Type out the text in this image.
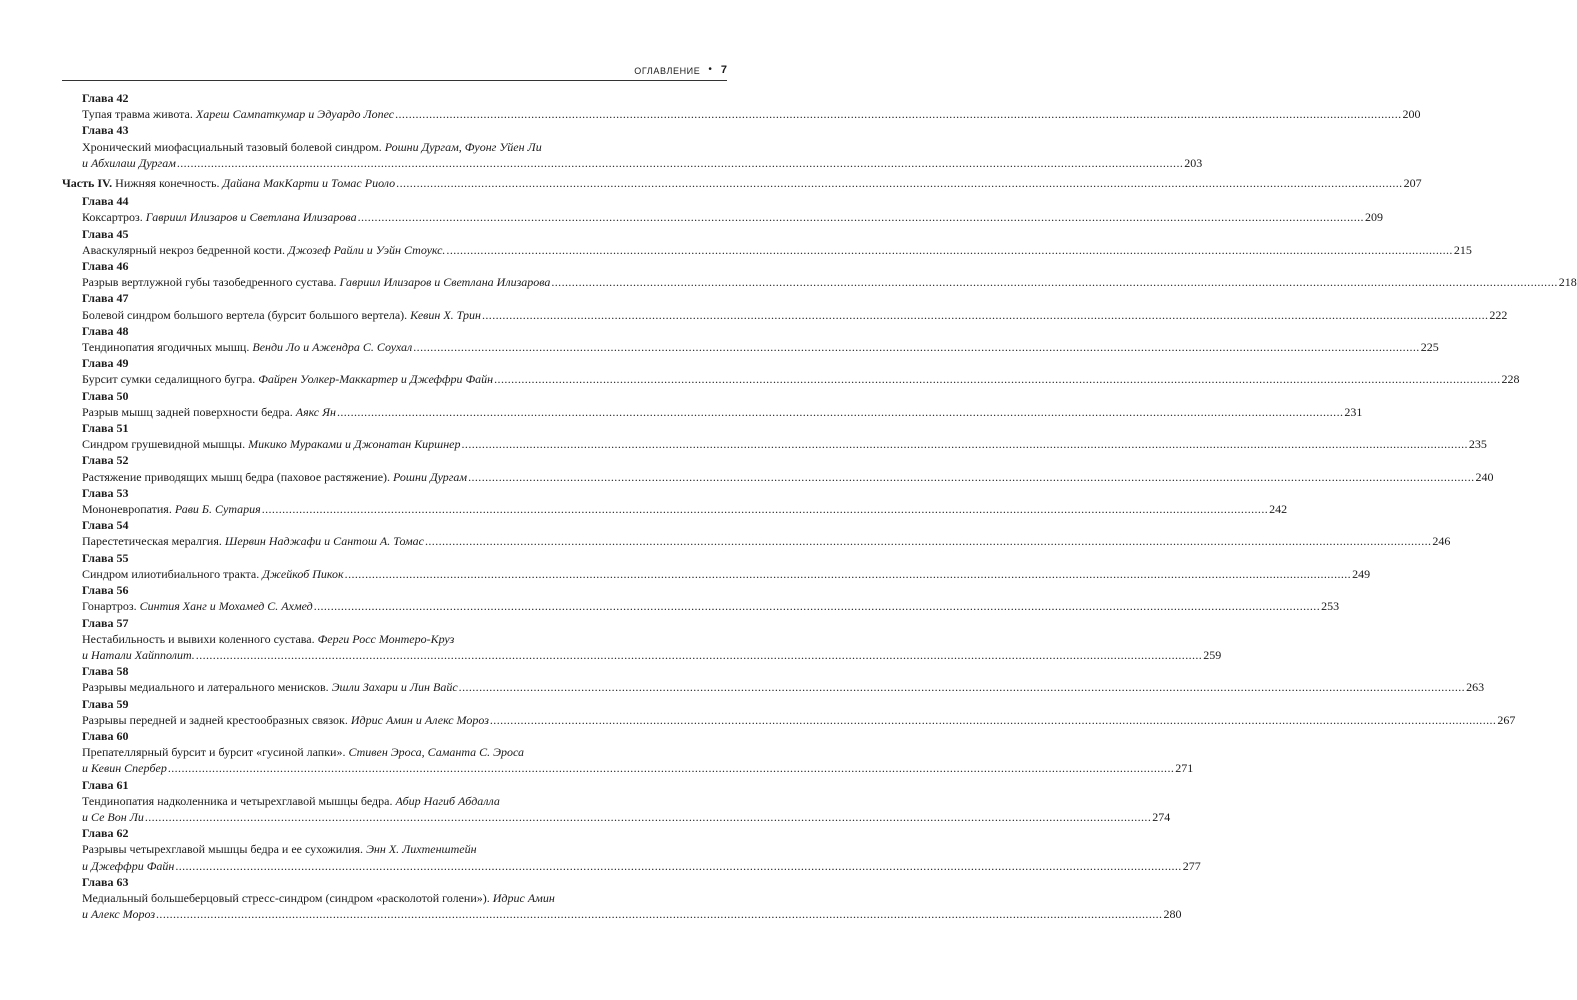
ОГЛАВЛЕНИЕ • 7
Глава 42
Тупая травма живота. Хареш Сампаткумар и Эдуардо Лопес .....	200
Глава 43
Хронический миофасциальный тазовый болевой синдром. Рошни Дургам, Фуонг Уйен Ли
и Абхилаш Дургам .....	203
Часть IV. Нижняя конечность. Дайана МакКарти и Томас Риоло .....	207
Глава 44
Коксартроз. Гавриил Илизаров и Светлана Илизарова .....	209
Глава 45
Аваскулярный некроз бедренной кости. Джозеф Райли и Уэйн Стоукс. .....	215
Глава 46
Разрыв вертлужной губы тазобедренного сустава. Гавриил Илизаров и Светлана Илизарова .....	218
Глава 47
Болевой синдром большого вертела (бурсит большого вертела). Кевин Х. Трин .....	222
Глава 48
Тендинопатия ягодичных мышц. Венди Ло и Ажендра С. Соухал .....	225
Глава 49
Бурсит сумки седалищного бугра. Файрен Уолкер-Маккартер и Джеффри Файн .....	228
Глава 50
Разрыв мышц задней поверхности бедра. Аякс Ян .....	231
Глава 51
Синдром грушевидной мышцы. Микико Мураками и Джонатан Киршнер .....	235
Глава 52
Растяжение приводящих мышц бедра (паховое растяжение). Рошни Дургам .....	240
Глава 53
Мононевропатия. Рави Б. Сутария .....	242
Глава 54
Парестетическая мералгия. Шервин Наджафи и Сантош А. Томас .....	246
Глава 55
Синдром илиотибиального тракта. Джейкоб Пикок .....	249
Глава 56
Гонартроз. Синтия Ханг и Мохамед С. Ахмед .....	253
Глава 57
Нестабильность и вывихи коленного сустава. Ферги Росс Монтеро-Круз
и Натали Хайпполит. .....	259
Глава 58
Разрывы медиального и латерального менисков. Эшли Захари и Лин Вайс .....	263
Глава 59
Разрывы передней и задней крестообразных связок. Идрис Амин и Алекс Мороз .....	267
Глава 60
Препателлярный бурсит и бурсит «гусиной лапки». Стивен Эроса, Саманта С. Эроса
и Кевин Спербер .....	271
Глава 61
Тендинопатия надколенника и четырехглавой мышцы бедра. Абир Нагиб Абдалла
и Се Вон Ли .....	274
Глава 62
Разрывы четырехглавой мышцы бедра и ее сухожилия. Энн Х. Лихтенштейн
и Джеффри Файн .....	277
Глава 63
Медиальный большеберцовый стресс-синдром (синдром «расколотой голени»). Идрис Амин
и Алекс Мороз .....	280
